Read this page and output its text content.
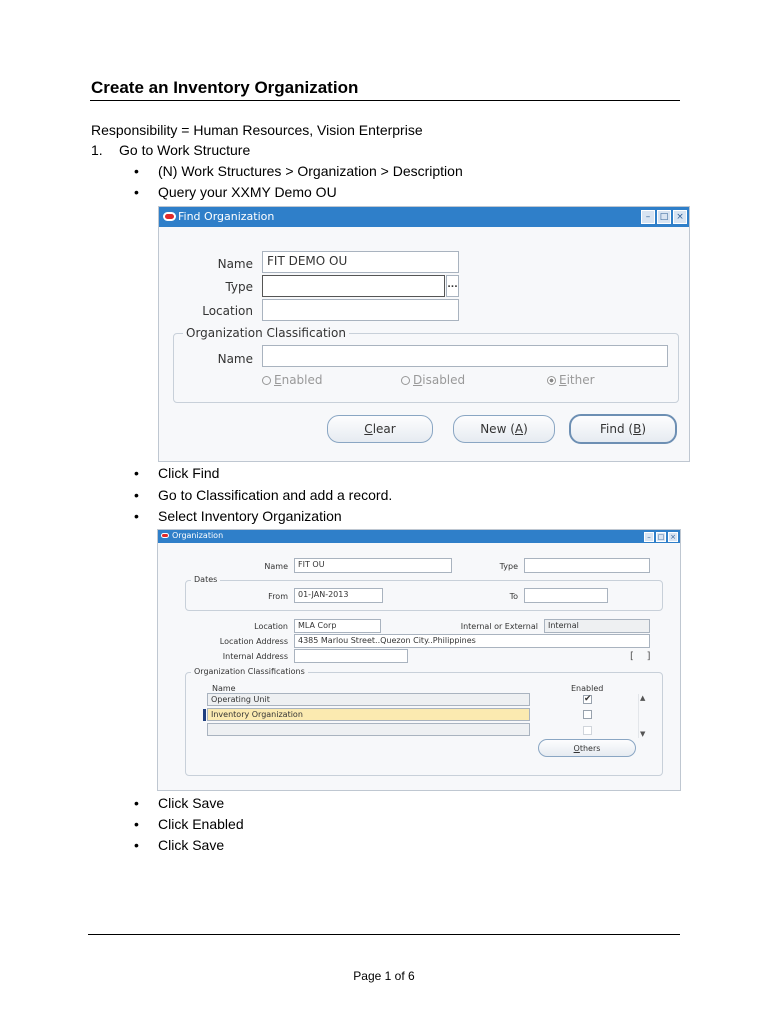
Create an Inventory Organization
Responsibility = Human Resources, Vision Enterprise
1. Go to Work Structure
• (N) Work Structures > Organization > Description
• Query your XXMY Demo OU
Find Organization	–	□ ×
Name	FIT DEMO OU
Type	...
Location
Organization Classification
Name
Enabled	Disabled	Either
C lear	New ( A )	Find ( B )
• Click Find
• Go to Classification and add a record.
• Select Inventory Organization
Organization	– □ ×
Name	FIT OU	Type
Dates
From	01-JAN-2013	To
Location	MLA Corp	Internal or External	Internal
Location Address	4385 Marlou Street..Quezon City..Philippines
Internal Address	[    ]
Organization Classifications
Name	Enabled
Operating Unit	✔
Inventory Organization
▲
▼
O thers
• Click Save
• Click Enabled
• Click Save
Page 1 of 6
